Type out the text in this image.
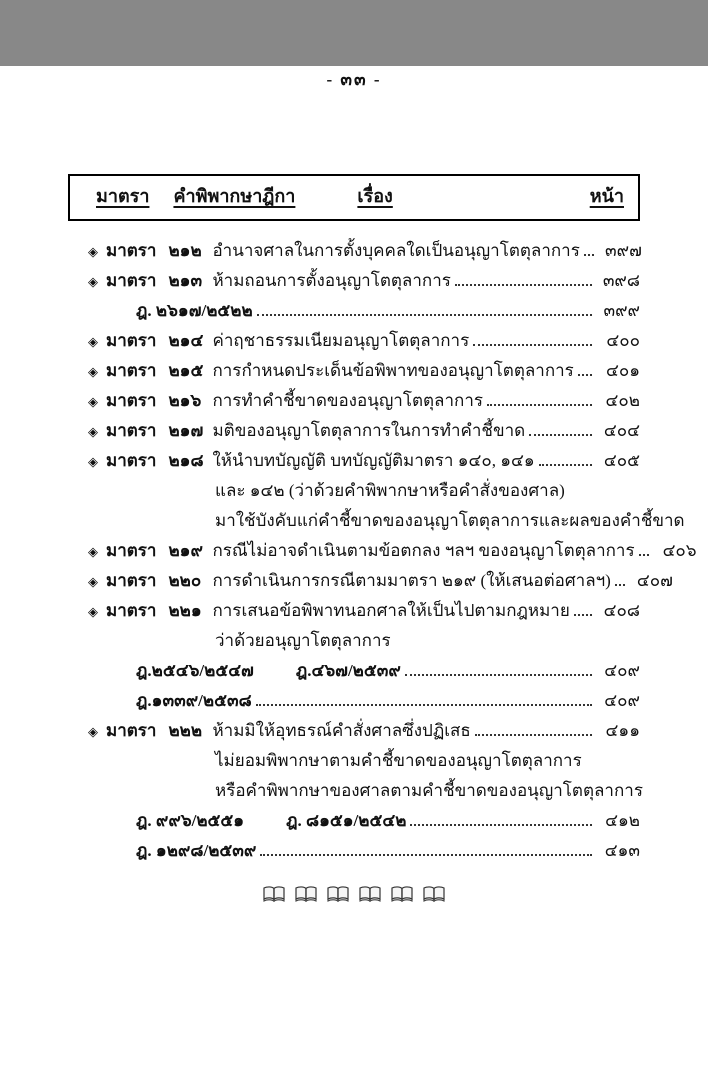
- ๓๓ -
มาตรา คำพิพากษาฎีกา	เรื่อง	หน้า
◈ มาตรา ๒๑๒ อำนาจศาลในการตั้งบุคคลใดเป็นอนุญาโตตุลาการ	๓๙๗
◈ มาตรา ๒๑๓ ห้ามถอนการตั้งอนุญาโตตุลาการ	๓๙๘
ฎ. ๒๖๑๗/๒๕๒๒	๓๙๙
◈ มาตรา ๒๑๔ ค่าฤชาธรรมเนียมอนุญาโตตุลาการ	๔๐๐
◈ มาตรา ๒๑๕ การกำหนดประเด็นข้อพิพาทของอนุญาโตตุลาการ	๔๐๑
◈ มาตรา ๒๑๖ การทำคำชี้ขาดของอนุญาโตตุลาการ	๔๐๒
◈ มาตรา ๒๑๗ มติของอนุญาโตตุลาการในการทำคำชี้ขาด	๔๐๔
◈ มาตรา ๒๑๘ ให้นำบทบัญญัติ บทบัญญัติมาตรา ๑๔๐, ๑๔๑	๔๐๕
และ ๑๔๒ (ว่าด้วยคำพิพากษาหรือคำสั่งของศาล)
มาใช้บังคับแก่คำชี้ขาดของอนุญาโตตุลาการและผลของคำชี้ขาด
◈ มาตรา ๒๑๙ กรณีไม่อาจดำเนินตามข้อตกลง ฯลฯ ของอนุญาโตตุลาการ	๔๐๖
◈ มาตรา ๒๒๐ การดำเนินการกรณีตามมาตรา ๒๑๙ (ให้เสนอต่อศาลฯ)	๔๐๗
◈ มาตรา ๒๒๑ การเสนอข้อพิพาทนอกศาลให้เป็นไปตามกฎหมาย	๔๐๘
ว่าด้วยอนุญาโตตุลาการ
ฎ.๒๕๔๖/๒๕๔๗ ฎ.๔๖๗/๒๕๓๙	๔๐๙
ฎ.๑๓๓๙/๒๕๓๘	๔๐๙
◈ มาตรา ๒๒๒ ห้ามมิให้อุทธรณ์คำสั่งศาลซึ่งปฏิเสธ	๔๑๑
ไม่ยอมพิพากษาตามคำชี้ขาดของอนุญาโตตุลาการ
หรือคำพิพากษาของศาลตามคำชี้ขาดของอนุญาโตตุลาการ
ฎ. ๙๙๖/๒๕๕๑ ฎ. ๘๑๕๑/๒๕๔๒	๔๑๒
ฎ. ๑๒๙๘/๒๕๓๙	๔๑๓
